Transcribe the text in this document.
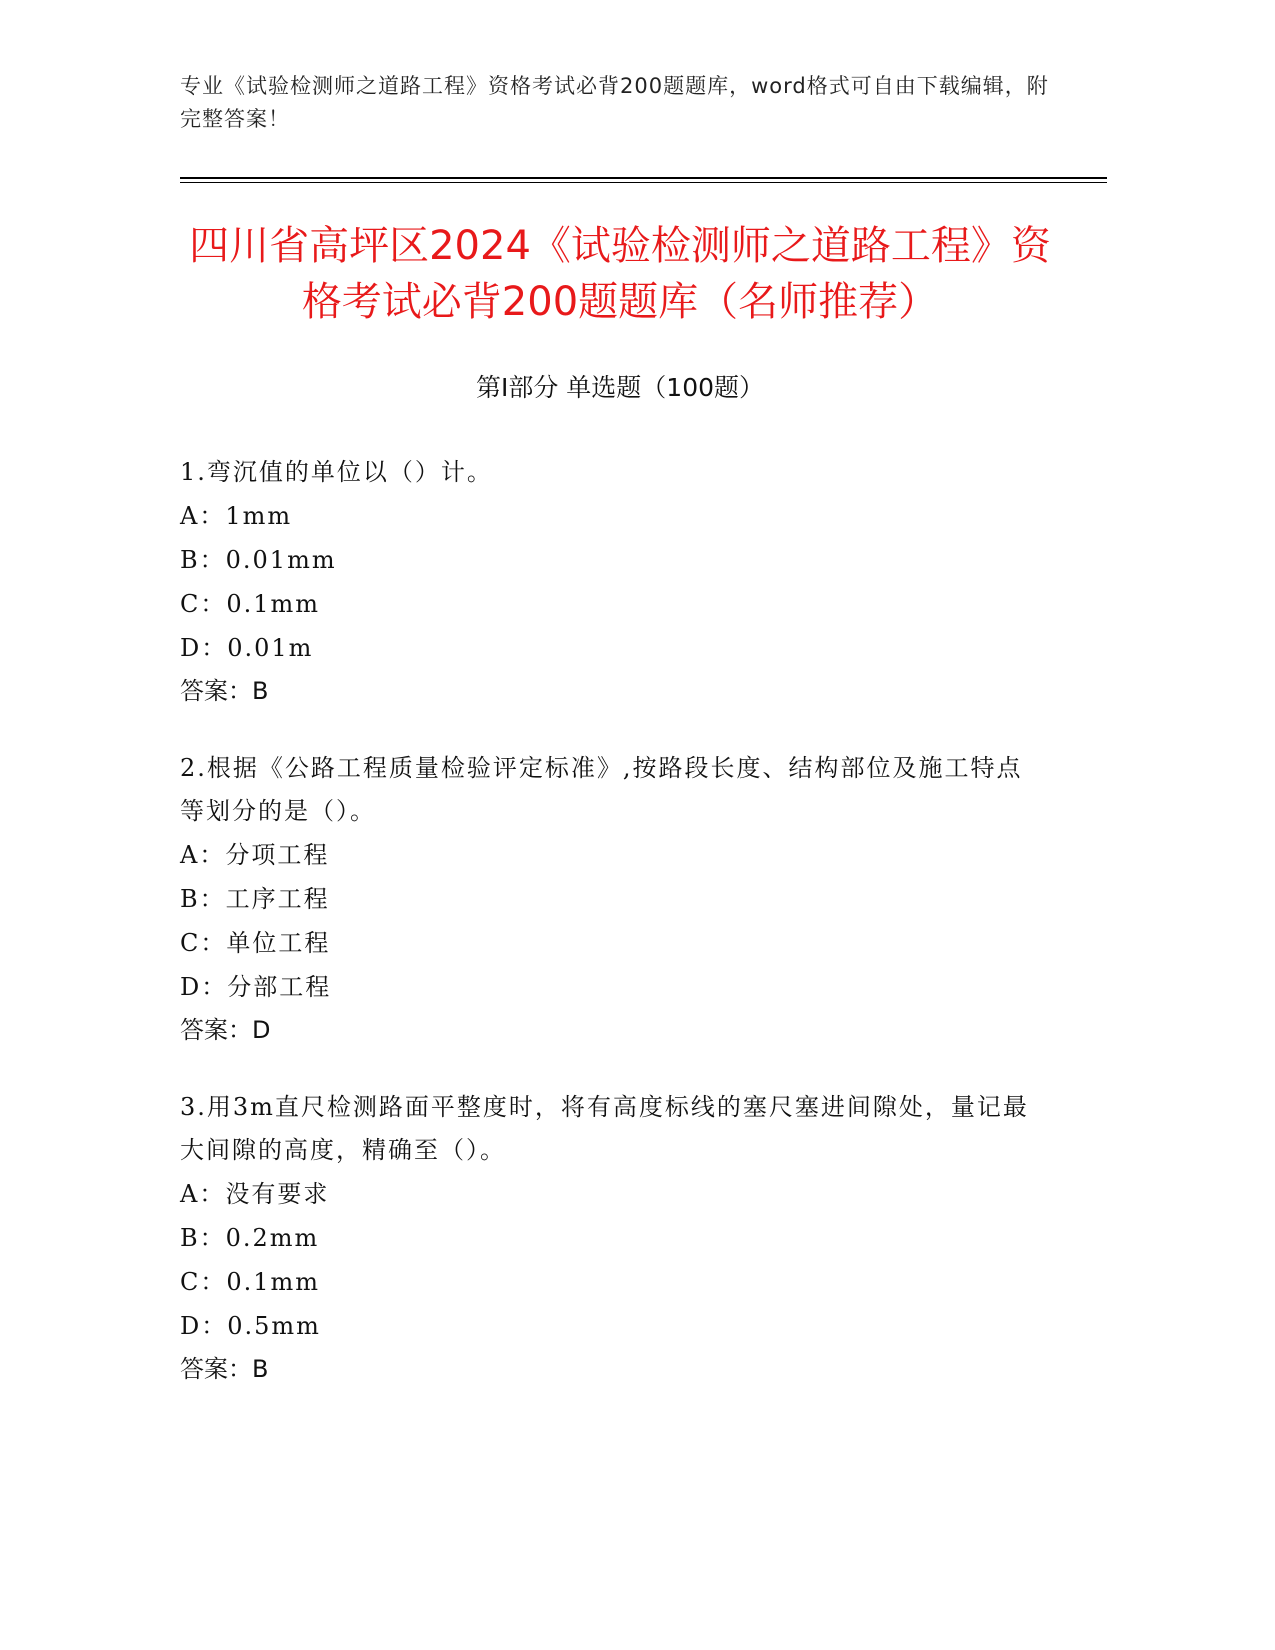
专业《试验检测师之道路工程》资格考试必背200题题库，word格式可自由下载编辑，附完整答案！
四川省高坪区2024《试验检测师之道路工程》资格考试必背200题题库（名师推荐）
第Ⅰ部分 单选题（100题）
1.弯沉值的单位以（）计。
A：1mm
B：0.01mm
C：0.1mm
D：0.01m
答案：B
2.根据《公路工程质量检验评定标准》,按路段长度、结构部位及施工特点等划分的是（）。
A：分项工程
B：工序工程
C：单位工程
D：分部工程
答案：D
3.用3m直尺检测路面平整度时，将有高度标线的塞尺塞进间隙处，量记最大间隙的高度，精确至（）。
A：没有要求
B：0.2mm
C：0.1mm
D：0.5mm
答案：B
